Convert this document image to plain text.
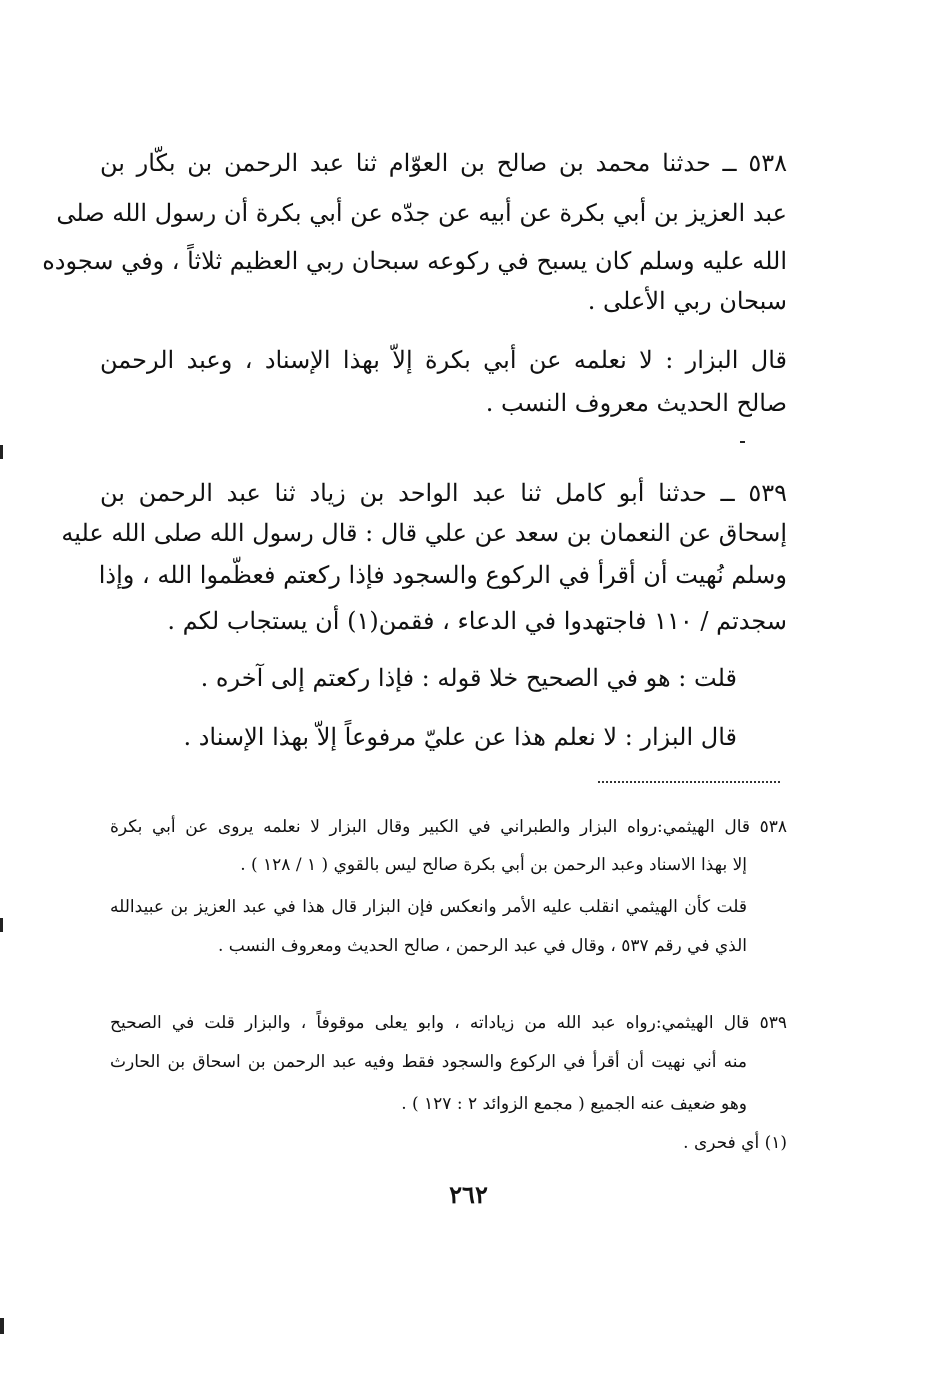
٥٣٨ ــ حدثنا محمد بن صالح بن العوّام ثنا عبد الرحمن بن بكّار بن
عبد العزيز بن أبي بكرة عن أبيه عن جدّه عن أبي بكرة أن رسول الله صلى
الله عليه وسلم كان يسبح في ركوعه سبحان ربي العظيم ثلاثاً ، وفي سجوده
سبحان ربي الأعلى .
قال البزار : لا نعلمه عن أبي بكرة إلاّ بهذا الإسناد ، وعبد الرحمن
صالح الحديث معروف النسب .
٥٣٩ ــ حدثنا أبو كامل ثنا عبد الواحد بن زياد ثنا عبد الرحمن بن
إسحاق عن النعمان بن سعد عن علي قال : قال رسول الله صلى الله عليه
وسلم نُهيت أن أقرأ في الركوع والسجود فإذا ركعتم فعظّموا الله ، وإذا
سجدتم / ١١٠ فاجتهدوا في الدعاء ، فقمن(١) أن يستجاب لكم .
قلت : هو في الصحيح خلا قوله : فإذا ركعتم إلى آخره .
قال البزار : لا نعلم هذا عن عليّ مرفوعاً إلاّ بهذا الإسناد .
٥٣٨ قال الهيثمي:رواه البزار والطبراني في الكبير وقال البزار لا نعلمه يروى عن أبي بكرة
إلا بهذا الاسناد وعبد الرحمن بن أبي بكرة صالح ليس بالقوي ( ١ / ١٢٨ ) .
قلت كأن الهيثمي انقلب عليه الأمر وانعكس فإن البزار قال هذا في عبد العزيز بن عبيدالله
الذي في رقم ٥٣٧ ، وقال في عبد الرحمن ، صالح الحديث ومعروف النسب .
٥٣٩ قال الهيثمي:رواه عبد الله من زياداته ، وابو يعلى موقوفاً ، والبزار قلت في الصحيح
منه أني نهيت أن أقرأ في الركوع والسجود فقط وفيه عبد الرحمن بن اسحاق بن الحارث
وهو ضعيف عنه الجميع ( مجمع الزوائد ٢ : ١٢٧ ) .
(١) أي فحرى .
٢٦٢
